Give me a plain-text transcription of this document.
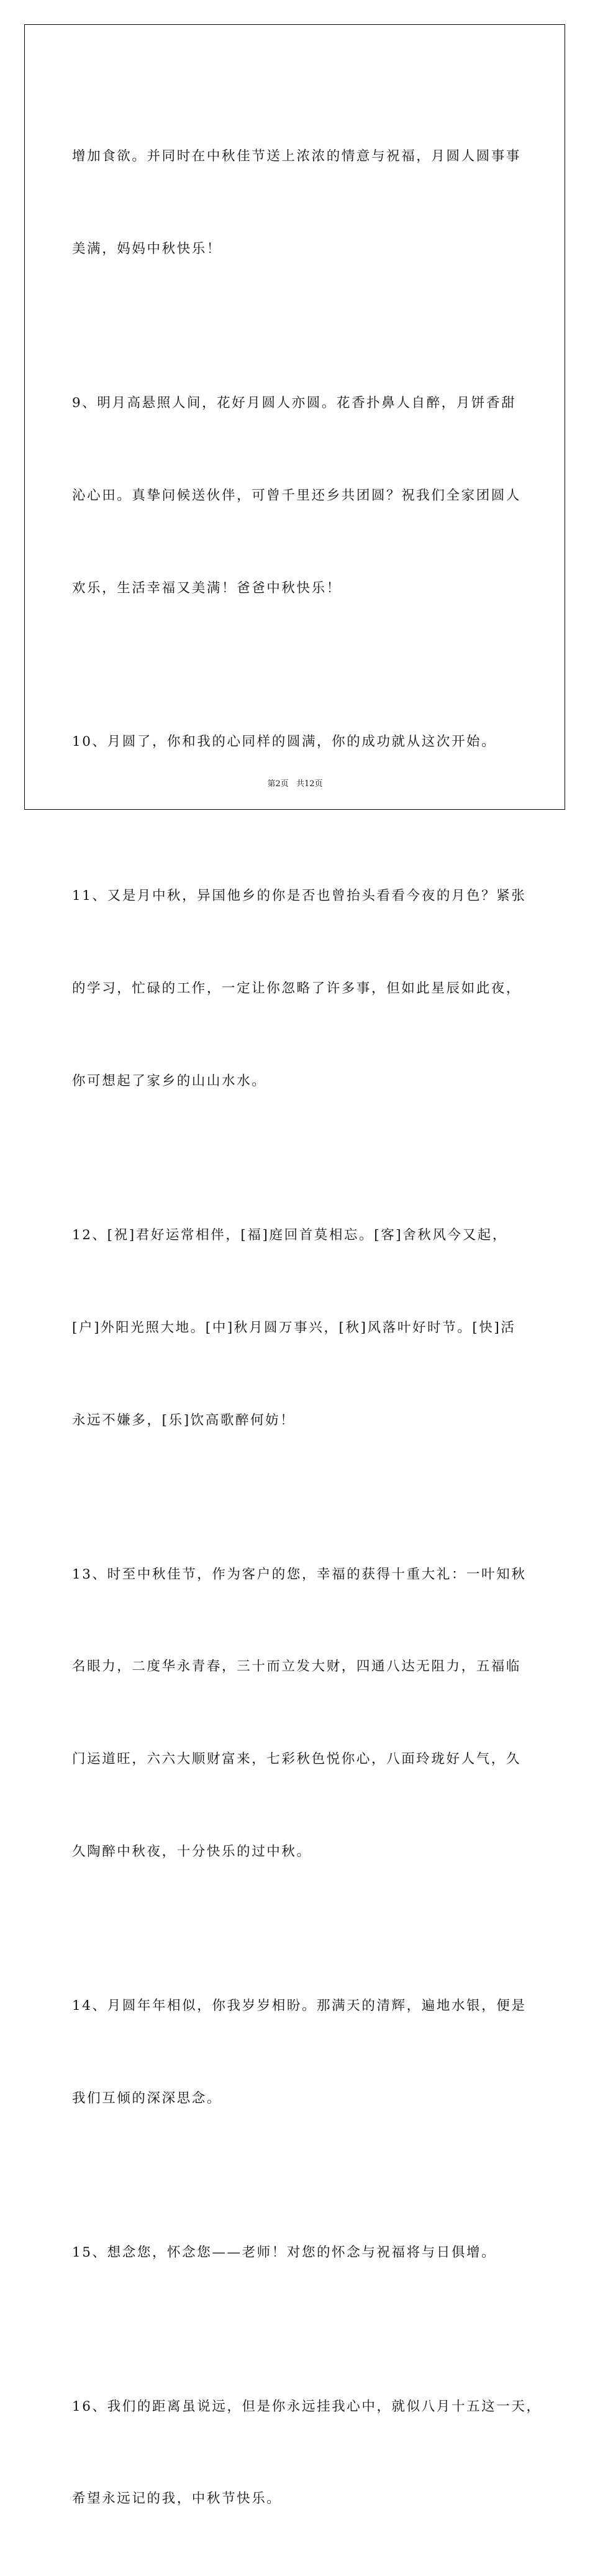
增加食欲。并同时在中秋佳节送上浓浓的情意与祝福，月圆人圆事事

美满，妈妈中秋快乐！

9、明月高悬照人间，花好月圆人亦圆。花香扑鼻人自醉，月饼香甜

沁心田。真挚问候送伙伴，可曾千里还乡共团圆？祝我们全家团圆人

欢乐，生活幸福又美满！爸爸中秋快乐！

10、月圆了，你和我的心同样的圆满，你的成功就从这次开始。

11、又是月中秋，异国他乡的你是否也曾抬头看看今夜的月色？紧张

的学习，忙碌的工作，一定让你忽略了许多事，但如此星辰如此夜，

你可想起了家乡的山山水水。

12、[祝]君好运常相伴，[福]庭回首莫相忘。[客]舍秋风今又起，

[户]外阳光照大地。[中]秋月圆万事兴，[秋]风落叶好时节。[快]活

永远不嫌多，[乐]饮高歌醉何妨！

13、时至中秋佳节，作为客户的您，幸福的获得十重大礼：一叶知秋

名眼力，二度华永青春，三十而立发大财，四通八达无阻力，五福临

门运道旺，六六大顺财富来，七彩秋色悦你心，八面玲珑好人气，久

久陶醉中秋夜，十分快乐的过中秋。

14、月圆年年相似，你我岁岁相盼。那满天的清辉，遍地水银，便是

我们互倾的深深思念。

15、想念您，怀念您——老师！对您的怀念与祝福将与日俱增。

16、我们的距离虽说远，但是你永远挂我心中，就似八月十五这一天，

希望永远记的我，中秋节快乐。

第2页 共12页
